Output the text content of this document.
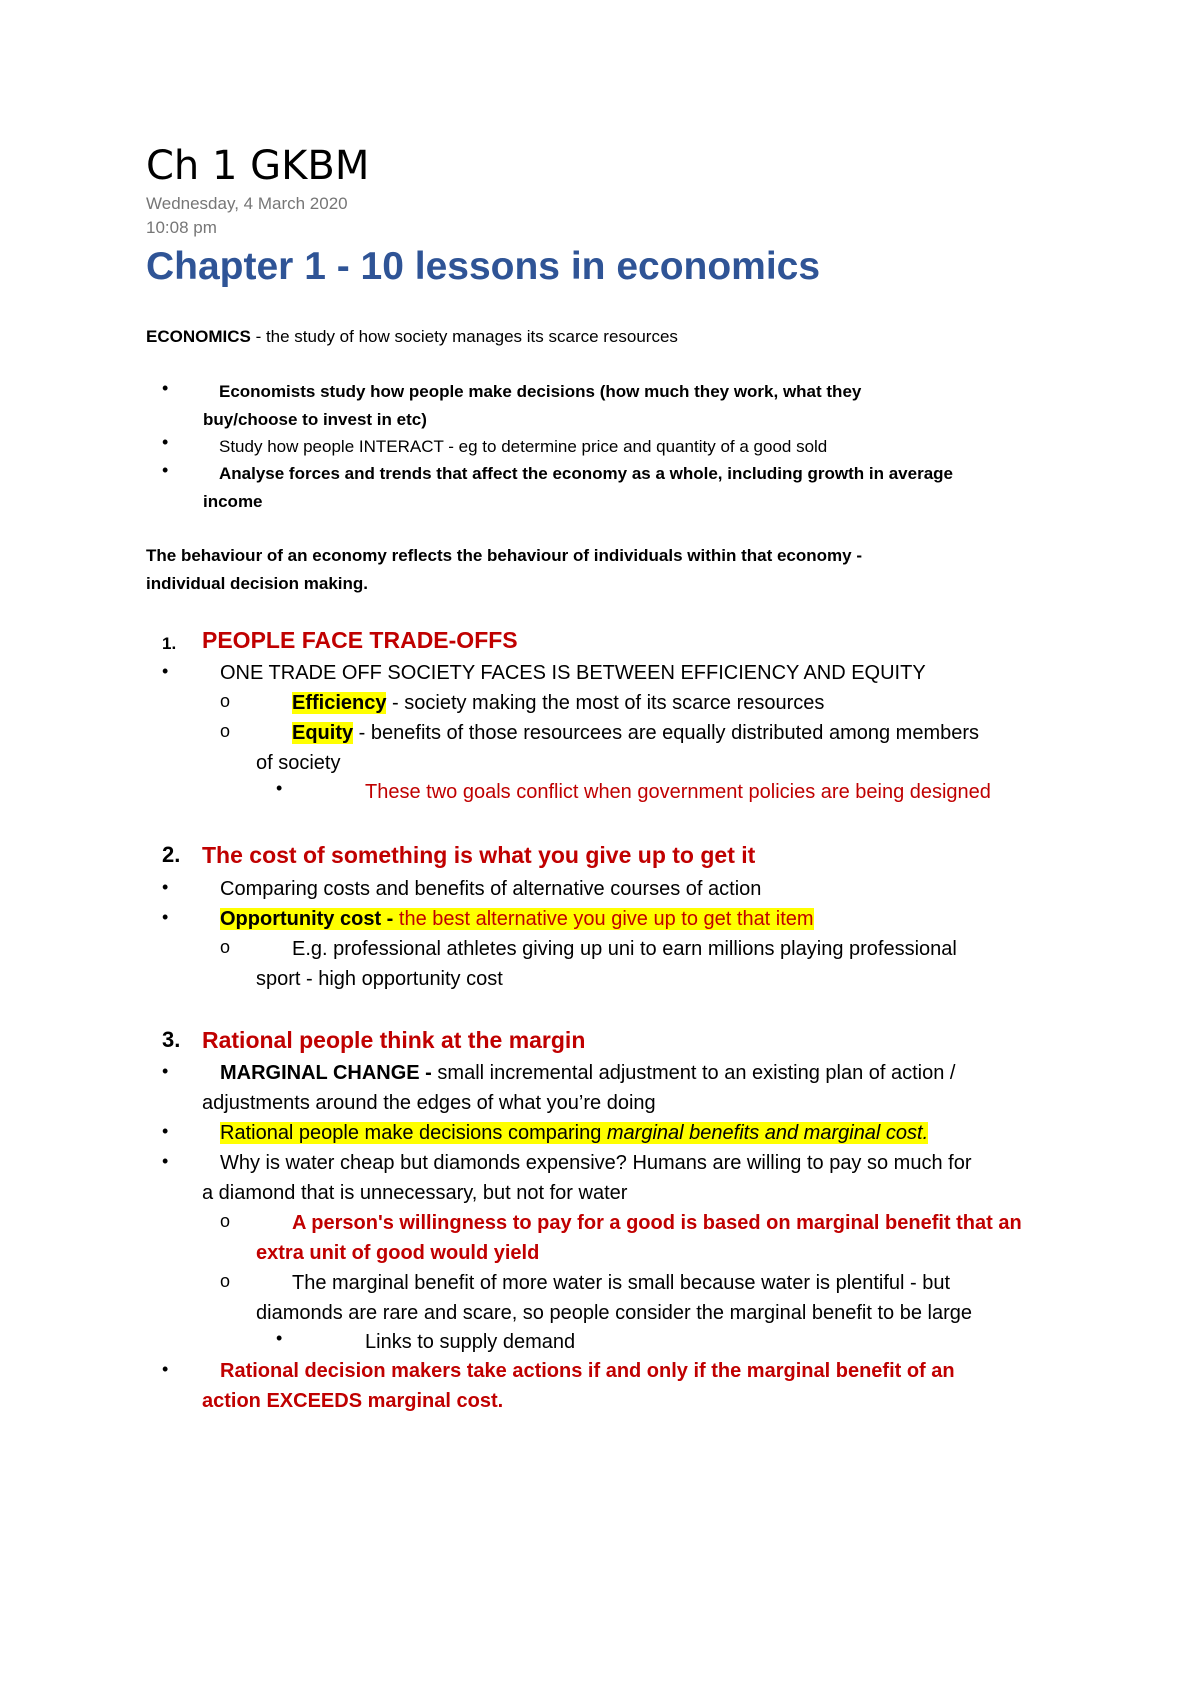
Ch 1 GKBM
Wednesday, 4 March 2020
10:08 pm
Chapter 1 - 10 lessons in economics
ECONOMICS - the study of how society manages its scarce resources
•	Economists study how people make decisions (how much they work, what they
buy/choose to invest in etc)
•	Study how people INTERACT - eg to determine price and quantity of a good sold
•	Analyse forces and trends that affect the economy as a whole, including growth in average
income
The behaviour of an economy reflects the behaviour of individuals within that economy -
individual decision making.
1. PEOPLE FACE TRADE-OFFS
•	ONE TRADE OFF SOCIETY FACES IS BETWEEN EFFICIENCY AND EQUITY
o	Efficiency - society making the most of its scarce resources
o	Equity - benefits of those resourcees are equally distributed among members
of society
•	These two goals conflict when government policies are being designed
2. The cost of something is what you give up to get it
•	Comparing costs and benefits of alternative courses of action
•	Opportunity cost - the best alternative you give up to get that item
o	E.g. professional athletes giving up uni to earn millions playing professional
sport - high opportunity cost
3. Rational people think at the margin
•	MARGINAL CHANGE - small incremental adjustment to an existing plan of action /
adjustments around the edges of what you’re doing
•	Rational people make decisions comparing marginal benefits and marginal cost.
•	Why is water cheap but diamonds expensive? Humans are willing to pay so much for
a diamond that is unnecessary, but not for water
o	A person's willingness to pay for a good is based on marginal benefit that an
extra unit of good would yield
o	The marginal benefit of more water is small because water is plentiful - but
diamonds are rare and scare, so people consider the marginal benefit to be large
•	Links to supply demand
•	Rational decision makers take actions if and only if the marginal benefit of an
action EXCEEDS marginal cost.
